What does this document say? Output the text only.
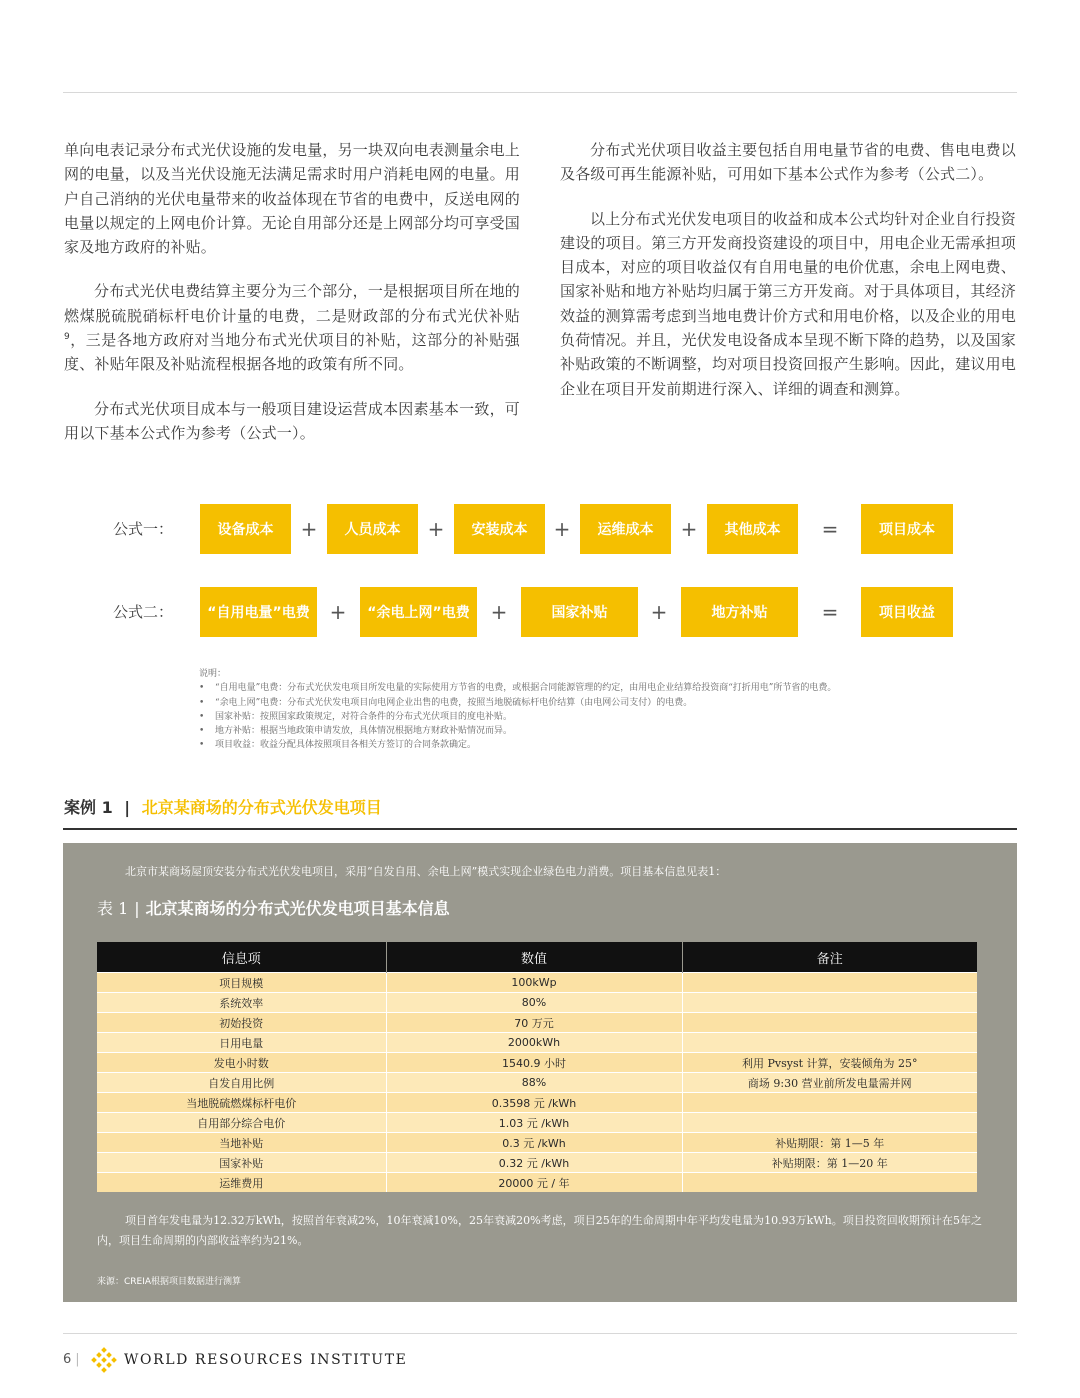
单向电表记录分布式光伏设施的发电量，另一块双向电表测量余电上网的电量，以及当光伏设施无法满足需求时用户消耗电网的电量。用户自己消纳的光伏电量带来的收益体现在节省的电费中，反送电网的电量以规定的上网电价计算。无论自用部分还是上网部分均可享受国家及地方政府的补贴。

分布式光伏电费结算主要分为三个部分，一是根据项目所在地的燃煤脱硫脱硝标杆电价计量的电费，二是财政部的分布式光伏补贴$^9$，三是各地方政府对当地分布式光伏项目的补贴，这部分的补贴强度、补贴年限及补贴流程根据各地的政策有所不同。

分布式光伏项目成本与一般项目建设运营成本因素基本一致，可用以下基本公式作为参考（公式一）。

分布式光伏项目收益主要包括自用电量节省的电费、售电电费以及各级可再生能源补贴，可用如下基本公式作为参考（公式二）。

以上分布式光伏发电项目的收益和成本公式均针对企业自行投资建设的项目。第三方开发商投资建设的项目中，用电企业无需承担项目成本，对应的项目收益仅有自用电量的电价优惠，余电上网电费、国家补贴和地方补贴均归属于第三方开发商。对于具体项目，其经济效益的测算需考虑到当地电费计价方式和用电价格，以及企业的用电负荷情况。并且，光伏发电设备成本呈现不断下降的趋势，以及国家补贴政策的不断调整，均对项目投资回报产生影响。因此，建议用电企业在项目开发前期进行深入、详细的调查和测算。

公式一：	设备成本	+	人员成本	+	安装成本	+	运维成本	+	其他成本	=	项目成本
公式二：	“自用电量”电费 +	“余电上网”电费	+	国家补贴	+	地方补贴	=	项目收益
说明：
• “自用电量”电费：分布式光伏发电项目所发电量的实际使用方节省的电费，或根据合同能源管理的约定，由用电企业结算给投资商“打折用电”所节省的电费。
• “余电上网”电费：分布式光伏发电项目向电网企业出售的电费，按照当地脱硫标杆电价结算（由电网公司支付）的电费。
• 国家补贴：按照国家政策规定，对符合条件的分布式光伏项目的度电补贴。
• 地方补贴：根据当地政策申请发放，具体情况根据地方财政补贴情况而异。
• 项目收益：收益分配具体按照项目各相关方签订的合同条款确定。
案例 1 | 北京某商场的分布式光伏发电项目
北京市某商场屋顶安装分布式光伏发电项目，采用“自发自用、余电上网”模式实现企业绿色电力消费。项目基本信息见表1：
表 1 | 北京某商场的分布式光伏发电项目基本信息
信息项	数值	备注
项目规模	100kWp	
系统效率	80%	
初始投资	70 万元	
日用电量	2000kWh	
发电小时数	1540.9 小时	利用 Pvsyst 计算，安装倾角为 25°
自发自用比例	88%	商场 9:30 营业前所发电量需并网
当地脱硫燃煤标杆电价	0.3598 元 /kWh	
自用部分综合电价	1.03 元 /kWh	
当地补贴	0.3 元 /kWh	补贴期限：第 1—5 年
国家补贴	0.32 元 /kWh	补贴期限：第 1—20 年
运维费用	20000 元 / 年	
项目首年发电量为12.32万kWh，按照首年衰减2%，10年衰减10%，25年衰减20%考虑，项目25年的生命周期中年平均发电量为10.93万kWh。项目投资回收期预计在5年之内，项目生命周期的内部收益率约为21%。
来源：CREIA根据项目数据进行测算
6 |	WORLD RESOURCES INSTITUTE
